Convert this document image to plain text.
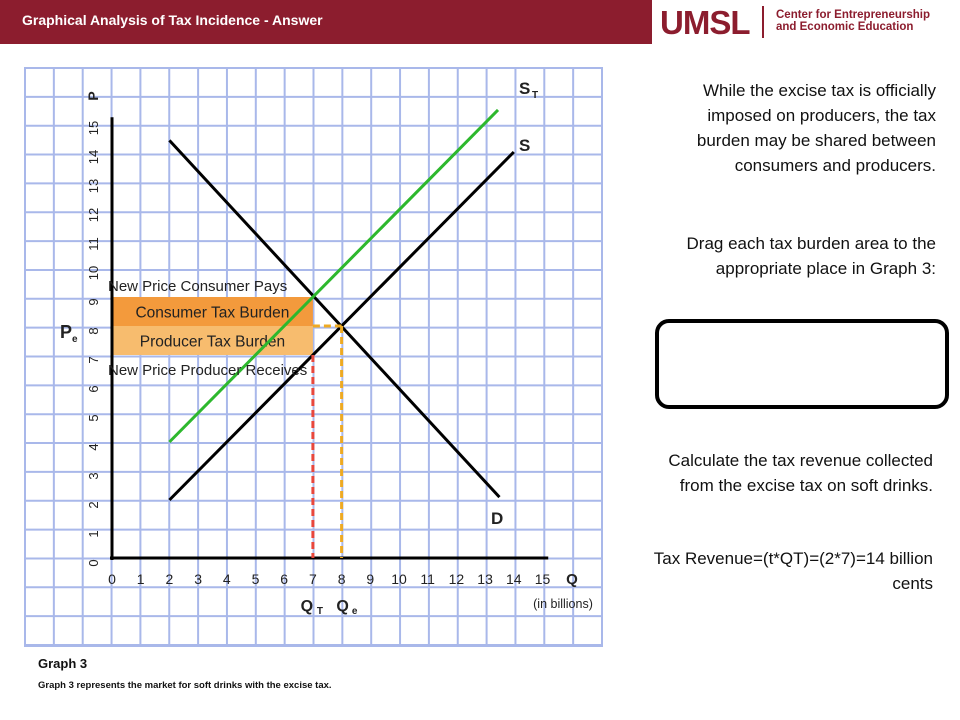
Graphical Analysis of Tax Incidence - Answer	UMSL Center for Entrepreneurship
and Economic Education
Consumer Tax Burden
Producer Tax Burden
0 1 2 3 4 5 6 7 8 9 10 11 12 13 14 15
0
1
2
3
4
5
6
7
8
9
10
11
12
13
14
15
Q
(in billions)
P	S T
S
D
P e
Q T Q e
New Price Consumer Pays
New Price Producer Receives
While the excise tax is officially imposed on producers, the tax burden may be shared between consumers and producers.
Drag each tax burden area to the appropriate place in Graph 3:
Calculate the tax revenue collected from the excise tax on soft drinks.
Tax Revenue=(t*QT)=(2*7)=14 billion cents
Graph 3
Graph 3 represents the market for soft drinks with the excise tax.
